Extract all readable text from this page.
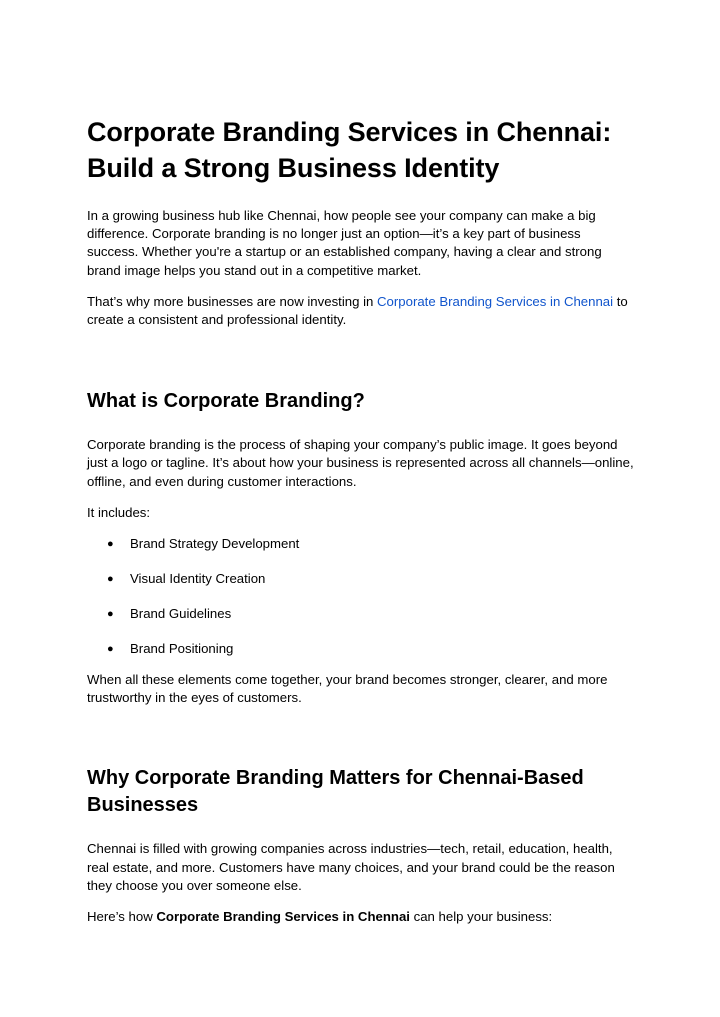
Corporate Branding Services in Chennai: Build a Strong Business Identity

In a growing business hub like Chennai, how people see your company can make a big difference. Corporate branding is no longer just an option—it’s a key part of business success. Whether you're a startup or an established company, having a clear and strong brand image helps you stand out in a competitive market.

That’s why more businesses are now investing in Corporate Branding Services in Chennai to create a consistent and professional identity.

What is Corporate Branding?

Corporate branding is the process of shaping your company’s public image. It goes beyond just a logo or tagline. It’s about how your business is represented across all channels—online, offline, and even during customer interactions.

It includes:

● Brand Strategy Development
● Visual Identity Creation
● Brand Guidelines
● Brand Positioning

When all these elements come together, your brand becomes stronger, clearer, and more trustworthy in the eyes of customers.

Why Corporate Branding Matters for Chennai-Based Businesses

Chennai is filled with growing companies across industries—tech, retail, education, health, real estate, and more. Customers have many choices, and your brand could be the reason they choose you over someone else.

Here’s how Corporate Branding Services in Chennai can help your business:
